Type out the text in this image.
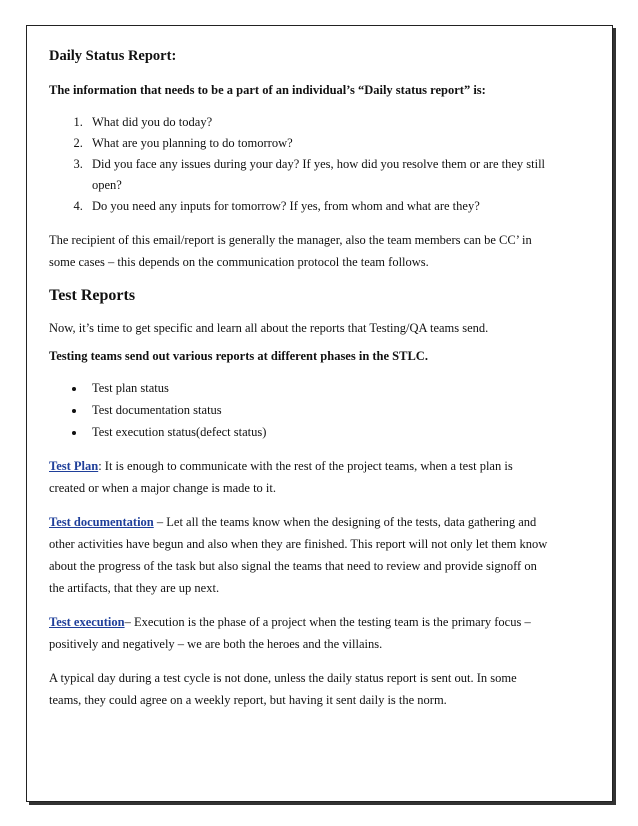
Daily Status Report:

The information that needs to be a part of an individual’s “Daily status report” is:

1. What did you do today?
2. What are you planning to do tomorrow?
3. Did you face any issues during your day? If yes, how did you resolve them or are they still open?
4. Do you need any inputs for tomorrow? If yes, from whom and what are they?

The recipient of this email/report is generally the manager, also the team members can be CC’ in some cases – this depends on the communication protocol the team follows.

Test Reports

Now, it’s time to get specific and learn all about the reports that Testing/QA teams send.

Testing teams send out various reports at different phases in the STLC.

• Test plan status
• Test documentation status
• Test execution status(defect status)

Test Plan: It is enough to communicate with the rest of the project teams, when a test plan is created or when a major change is made to it.

Test documentation – Let all the teams know when the designing of the tests, data gathering and other activities have begun and also when they are finished. This report will not only let them know about the progress of the task but also signal the teams that need to review and provide signoff on the artifacts, that they are up next.

Test execution– Execution is the phase of a project when the testing team is the primary focus – positively and negatively – we are both the heroes and the villains.

A typical day during a test cycle is not done, unless the daily status report is sent out. In some teams, they could agree on a weekly report, but having it sent daily is the norm.
